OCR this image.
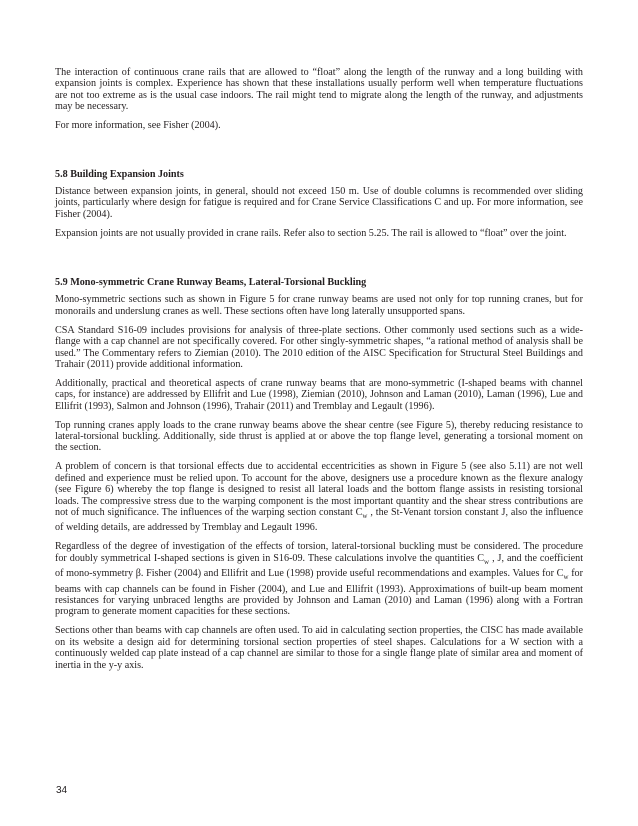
The interaction of continuous crane rails that are allowed to “float” along the length of the runway and a long building with expansion joints is complex. Experience has shown that these installations usually perform well when temperature fluctuations are not too extreme as is the usual case indoors. The rail might tend to migrate along the length of the runway, and adjustments may be necessary.

For more information, see Fisher (2004).

5.8 Building Expansion Joints

Distance between expansion joints, in general, should not exceed 150 m. Use of double columns is recommended over sliding joints, particularly where design for fatigue is required and for Crane Service Classifications C and up. For more information, see Fisher (2004).

Expansion joints are not usually provided in crane rails. Refer also to section 5.25. The rail is allowed to “float” over the joint.

5.9 Mono-symmetric Crane Runway Beams, Lateral-Torsional Buckling

Mono-symmetric sections such as shown in Figure 5 for crane runway beams are used not only for top running cranes, but for monorails and underslung cranes as well. These sections often have long laterally unsupported spans.

CSA Standard S16-09 includes provisions for analysis of three-plate sections. Other commonly used sections such as a wide-flange with a cap channel are not specifically covered. For other singly-symmetric shapes, “a rational method of analysis shall be used.” The Commentary refers to Ziemian (2010). The 2010 edition of the AISC Specification for Structural Steel Buildings and Trahair (2011) provide additional information.

Additionally, practical and theoretical aspects of crane runway beams that are mono-symmetric (I-shaped beams with channel caps, for instance) are addressed by Ellifrit and Lue (1998), Ziemian (2010), Johnson and Laman (2010), Laman (1996), Lue and Ellifrit (1993), Salmon and Johnson (1996), Trahair (2011) and Tremblay and Legault (1996).

Top running cranes apply loads to the crane runway beams above the shear centre (see Figure 5), thereby reducing resistance to lateral-torsional buckling. Additionally, side thrust is applied at or above the top flange level, generating a torsional moment on the section.

A problem of concern is that torsional effects due to accidental eccentricities as shown in Figure 5 (see also 5.11) are not well defined and experience must be relied upon. To account for the above, designers use a procedure known as the flexure analogy (see Figure 6) whereby the top flange is designed to resist all lateral loads and the bottom flange assists in resisting torsional loads. The compressive stress due to the warping component is the most important quantity and the shear stress contributions are not of much significance. The influences of the warping section constant $C_w$ , the St-Venant torsion constant J, also the influence of welding details, are addressed by Tremblay and Legault 1996.

Regardless of the degree of investigation of the effects of torsion, lateral-torsional buckling must be considered. The procedure for doubly symmetrical I-shaped sections is given in S16-09. These calculations involve the quantities $C_w$ , J, and the coefficient of mono-symmetry β. Fisher (2004) and Ellifrit and Lue (1998) provide useful recommendations and examples. Values for $C_w$ for beams with cap channels can be found in Fisher (2004), and Lue and Ellifrit (1993). Approximations of built-up beam moment resistances for varying unbraced lengths are provided by Johnson and Laman (2010) and Laman (1996) along with a Fortran program to generate moment capacities for these sections.

Sections other than beams with cap channels are often used. To aid in calculating section properties, the CISC has made available on its website a design aid for determining torsional section properties of steel shapes. Calculations for a W section with a continuously welded cap plate instead of a cap channel are similar to those for a single flange plate of similar area and moment of inertia in the y-y axis.

34
